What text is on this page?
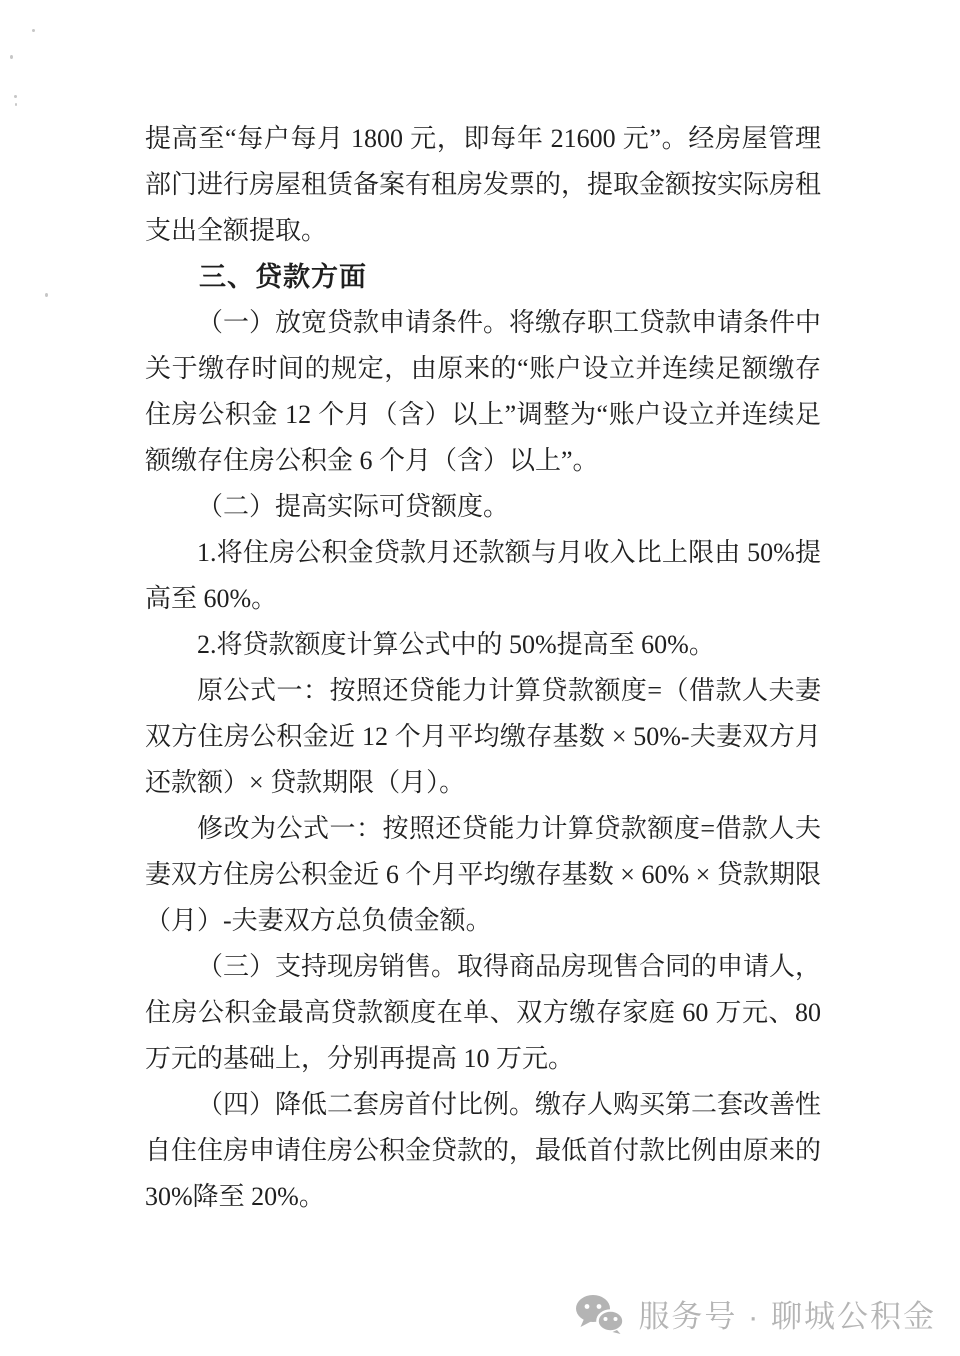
提高至“每户每月 1800 元，即每年 21600 元”。经房屋管理部门进行房屋租赁备案有租房发票的，提取金额按实际房租支出全额提取。

三、贷款方面

（一）放宽贷款申请条件。将缴存职工贷款申请条件中关于缴存时间的规定，由原来的“账户设立并连续足额缴存住房公积金 12 个月（含）以上”调整为“账户设立并连续足额缴存住房公积金 6 个月（含）以上”。

（二）提高实际可贷额度。

1.将住房公积金贷款月还款额与月收入比上限由 50%提高至 60%。

2.将贷款额度计算公式中的 50%提高至 60%。

原公式一：按照还贷能力计算贷款额度=（借款人夫妻双方住房公积金近 12 个月平均缴存基数 × 50%-夫妻双方月还款额）× 贷款期限（月）。

修改为公式一：按照还贷能力计算贷款额度=借款人夫妻双方住房公积金近 6 个月平均缴存基数 × 60% × 贷款期限（月）-夫妻双方总负债金额。

（三）支持现房销售。取得商品房现售合同的申请人，住房公积金最高贷款额度在单、双方缴存家庭 60 万元、80 万元的基础上，分别再提高 10 万元。

（四）降低二套房首付比例。缴存人购买第二套改善性自住住房申请住房公积金贷款的，最低首付款比例由原来的 30%降至 20%。

服务号 · 聊城公积金
